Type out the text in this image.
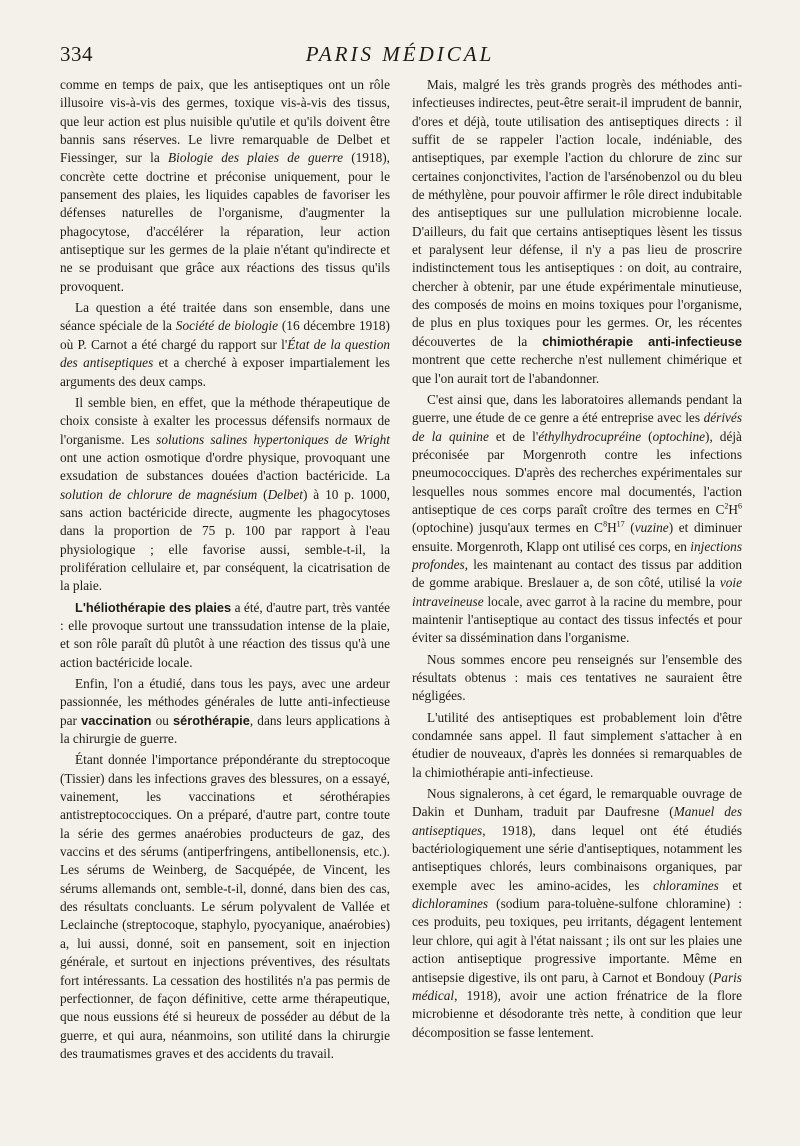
334	PARIS MÉDICAL

comme en temps de paix, que les antiseptiques ont un rôle illusoire vis-à-vis des germes, toxique vis-à-vis des tissus, que leur action est plus nuisible qu'utile et qu'ils doivent être bannis sans réserves. Le livre remarquable de Delbet et Fiessinger, sur la Biologie des plaies de guerre (1918), concrète cette doctrine et préconise uniquement, pour le pansement des plaies, les liquides capables de favoriser les défenses naturelles de l'organisme, d'augmenter la phagocytose, d'accélérer la réparation, leur action antiseptique sur les germes de la plaie n'étant qu'indirecte et ne se produisant que grâce aux réactions des tissus qu'ils provoquent.

La question a été traitée dans son ensemble, dans une séance spéciale de la Société de biologie (16 décembre 1918) où P. Carnot a été chargé du rapport sur l'État de la question des antiseptiques et a cherché à exposer impartialement les arguments des deux camps.

Il semble bien, en effet, que la méthode thérapeutique de choix consiste à exalter les processus défensifs normaux de l'organisme. Les solutions salines hypertoniques de Wright ont une action osmotique d'ordre physique, provoquant une exsudation de substances douées d'action bactéricide. La solution de chlorure de magnésium (Delbet) à 10 p. 1000, sans action bactéricide directe, augmente les phagocytoses dans la proportion de 75 p. 100 par rapport à l'eau physiologique ; elle favorise aussi, semble-t-il, la prolifération cellulaire et, par conséquent, la cicatrisation de la plaie.

L'héliothérapie des plaies a été, d'autre part, très vantée : elle provoque surtout une transsudation intense de la plaie, et son rôle paraît dû plutôt à une réaction des tissus qu'à une action bactéricide locale.

Enfin, l'on a étudié, dans tous les pays, avec une ardeur passionnée, les méthodes générales de lutte anti-infectieuse par vaccination ou sérothérapie, dans leurs applications à la chirurgie de guerre.

Étant donnée l'importance prépondérante du streptocoque (Tissier) dans les infections graves des blessures, on a essayé, vainement, les vaccinations et sérothérapies antistreptococciques. On a préparé, d'autre part, contre toute la série des germes anaérobies producteurs de gaz, des vaccins et des sérums (antiperfringens, antibellonensis, etc.). Les sérums de Weinberg, de Sacquépée, de Vincent, les sérums allemands ont, semble-t-il, donné, dans bien des cas, des résultats concluants. Le sérum polyvalent de Vallée et Leclainche (streptocoque, staphylo, pyocyanique, anaérobies) a, lui aussi, donné, soit en pansement, soit en injection générale, et surtout en injections préventives, des résultats fort intéressants. La cessation des hostilités n'a pas permis de perfectionner, de façon définitive, cette arme thérapeutique, que nous eussions été si heureux de posséder au début de la guerre, et qui aura, néanmoins, son utilité dans la chirurgie des traumatismes graves et des accidents du travail.

Mais, malgré les très grands progrès des méthodes anti-infectieuses indirectes, peut-être serait-il imprudent de bannir, d'ores et déjà, toute utilisation des antiseptiques directs : il suffit de se rappeler l'action locale, indéniable, des antiseptiques, par exemple l'action du chlorure de zinc sur certaines conjonctivites, l'action de l'arsénobenzol ou du bleu de méthylène, pour pouvoir affirmer le rôle direct indubitable des antiseptiques sur une pullulation microbienne locale. D'ailleurs, du fait que certains antiseptiques lèsent les tissus et paralysent leur défense, il n'y a pas lieu de proscrire indistinctement tous les antiseptiques : on doit, au contraire, chercher à obtenir, par une étude expérimentale minutieuse, des composés de moins en moins toxiques pour l'organisme, de plus en plus toxiques pour les germes. Or, les récentes découvertes de la chimiothérapie anti-infectieuse montrent que cette recherche n'est nullement chimérique et que l'on aurait tort de l'abandonner.

C'est ainsi que, dans les laboratoires allemands pendant la guerre, une étude de ce genre a été entreprise avec les dérivés de la quinine et de l'éthylhydrocupréine (optochine), déjà préconisée par Morgenroth contre les infections pneumococciques. D'après des recherches expérimentales sur lesquelles nous sommes encore mal documentés, l'action antiseptique de ces corps paraît croître des termes en $C^2H^6$ (optochine) jusqu'aux termes en $C^8H^{17}$ (vuzine) et diminuer ensuite. Morgenroth, Klapp ont utilisé ces corps, en injections profondes, les maintenant au contact des tissus par addition de gomme arabique. Breslauer a, de son côté, utilisé la voie intraveineuse locale, avec garrot à la racine du membre, pour maintenir l'antiseptique au contact des tissus infectés et pour éviter sa dissémination dans l'organisme.

Nous sommes encore peu renseignés sur l'ensemble des résultats obtenus : mais ces tentatives ne sauraient être négligées.

L'utilité des antiseptiques est probablement loin d'être condamnée sans appel. Il faut simplement s'attacher à en étudier de nouveaux, d'après les données si remarquables de la chimiothérapie anti-infectieuse.

Nous signalerons, à cet égard, le remarquable ouvrage de Dakin et Dunham, traduit par Daufresne (Manuel des antiseptiques, 1918), dans lequel ont été étudiés bactériologiquement une série d'antiseptiques, notamment les antiseptiques chlorés, leurs combinaisons organiques, par exemple avec les amino-acides, les chloramines et dichloramines (sodium para-toluène-sulfone chloramine) : ces produits, peu toxiques, peu irritants, dégagent lentement leur chlore, qui agit à l'état naissant ; ils ont sur les plaies une action antiseptique progressive importante. Même en antisepsie digestive, ils ont paru, à Carnot et Bondouy (Paris médical, 1918), avoir une action frénatrice de la flore microbienne et désodorante très nette, à condition que leur décomposition se fasse lentement.
